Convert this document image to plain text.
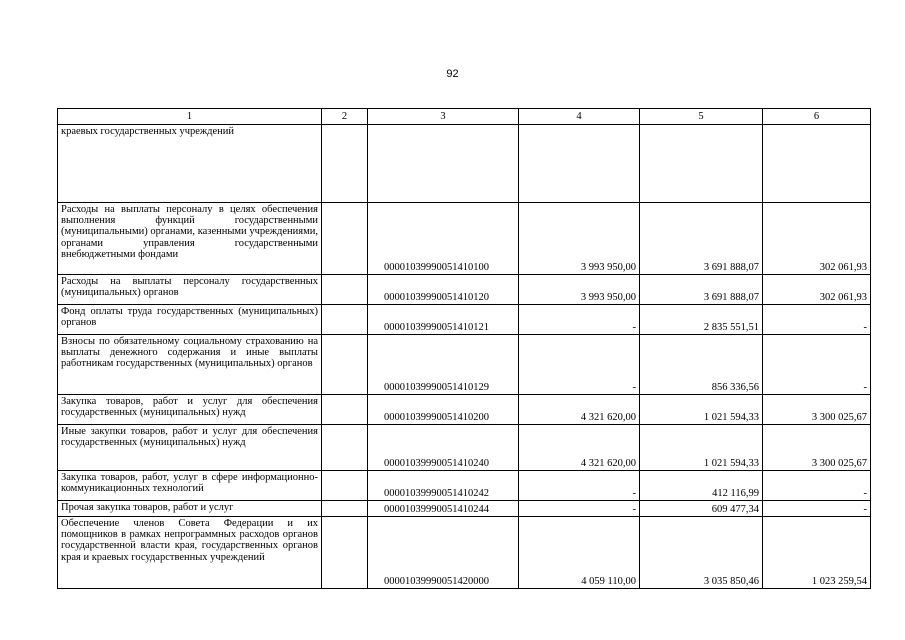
92
1	2	3	4	5	6
краевых государственных учреждений					
Расходы на выплаты персоналу в целях обеспечения выполнения функций государственными (муниципальными) органами, казенными учреждениями, органами управления государственными внебюджетными фондами		00001039990051410100	3 993 950,00	3 691 888,07	302 061,93
Расходы на выплаты персоналу государственных (муниципальных) органов		00001039990051410120	3 993 950,00	3 691 888,07	302 061,93
Фонд оплаты труда государственных (муниципальных) органов		00001039990051410121	-	2 835 551,51	-
Взносы по обязательному социальному страхованию на выплаты денежного содержания и иные выплаты работникам государственных (муниципальных) органов		00001039990051410129	-	856 336,56	-
Закупка товаров, работ и услуг для обеспечения государственных (муниципальных) нужд		00001039990051410200	4 321 620,00	1 021 594,33	3 300 025,67
Иные закупки товаров, работ и услуг для обеспечения государственных (муниципальных) нужд		00001039990051410240	4 321 620,00	1 021 594,33	3 300 025,67
Закупка товаров, работ, услуг в сфере информационно-коммуникационных технологий		00001039990051410242	-	412 116,99	-
Прочая закупка товаров, работ и услуг		00001039990051410244	-	609 477,34	-
Обеспечение членов Совета Федерации и их помощников в рамках непрограммных расходов органов государственной власти края, государственных органов края и краевых государственных учреждений		00001039990051420000	4 059 110,00	3 035 850,46	1 023 259,54
